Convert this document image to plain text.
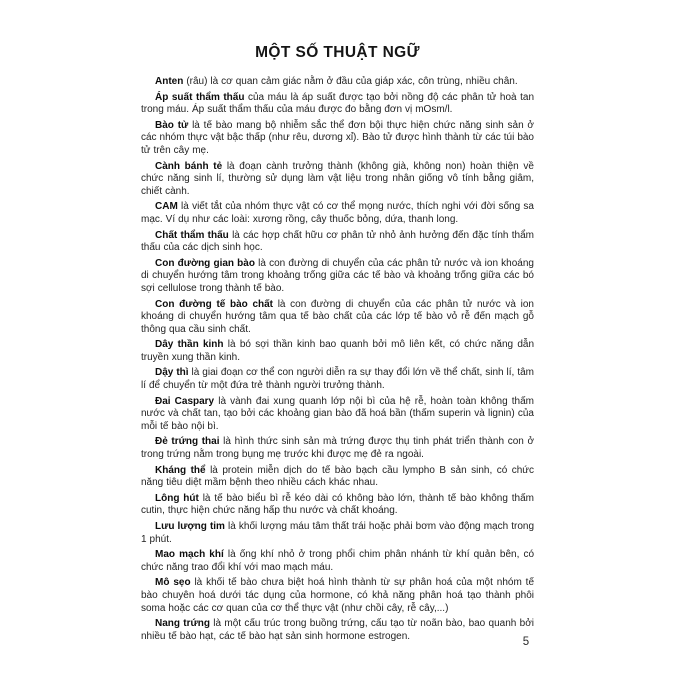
MỘT SỐ THUẬT NGỮ

Anten (râu) là cơ quan cảm giác nằm ở đầu của giáp xác, côn trùng, nhiều chân.

Áp suất thẩm thấu của máu là áp suất được tạo bởi nồng độ các phân tử hoà tan trong máu. Áp suất thẩm thấu của máu được đo bằng đơn vị mOsm/l.

Bào tử là tế bào mang bộ nhiễm sắc thể đơn bội thực hiện chức năng sinh sản ở các nhóm thực vật bậc thấp (như rêu, dương xỉ). Bào tử được hình thành từ các túi bào tử trên cây mẹ.

Cành bánh tẻ là đoạn cành trưởng thành (không già, không non) hoàn thiện về chức năng sinh lí, thường sử dụng làm vật liệu trong nhân giống vô tính bằng giâm, chiết cành.

CAM là viết tắt của nhóm thực vật có cơ thể mọng nước, thích nghi với đời sống sa mạc. Ví dụ như các loài: xương rồng, cây thuốc bỏng, dứa, thanh long.

Chất thẩm thấu là các hợp chất hữu cơ phân tử nhỏ ảnh hưởng đến đặc tính thẩm thấu của các dịch sinh học.

Con đường gian bào là con đường di chuyển của các phân tử nước và ion khoáng di chuyển hướng tâm trong khoảng trống giữa các tế bào và khoảng trống giữa các bó sợi cellulose trong thành tế bào.

Con đường tế bào chất là con đường di chuyển của các phân tử nước và ion khoáng di chuyển hướng tâm qua tế bào chất của các lớp tế bào vỏ rễ đến mạch gỗ thông qua cầu sinh chất.

Dây thần kinh là bó sợi thần kinh bao quanh bởi mô liên kết, có chức năng dẫn truyền xung thần kinh.

Dậy thì là giai đoạn cơ thể con người diễn ra sự thay đổi lớn về thể chất, sinh lí, tâm lí để chuyển từ một đứa trẻ thành người trưởng thành.

Đai Caspary là vành đai xung quanh lớp nội bì của hệ rễ, hoàn toàn không thấm nước và chất tan, tạo bởi các khoảng gian bào đã hoá bần (thấm superin và lignin) của mỗi tế bào nội bì.

Đẻ trứng thai là hình thức sinh sản mà trứng được thụ tinh phát triển thành con ở trong trứng nằm trong bụng mẹ trước khi được mẹ đẻ ra ngoài.

Kháng thể là protein miễn dịch do tế bào bạch cầu lympho B sản sinh, có chức năng tiêu diệt mầm bệnh theo nhiều cách khác nhau.

Lông hút là tế bào biểu bì rễ kéo dài có không bào lớn, thành tế bào không thấm cutin, thực hiện chức năng hấp thu nước và chất khoáng.

Lưu lượng tim là khối lượng máu tâm thất trái hoặc phải bơm vào động mạch trong 1 phút.

Mao mạch khí là ống khí nhỏ ở trong phổi chim phân nhánh từ khí quản bên, có chức năng trao đổi khí với mao mạch máu.

Mô sẹo là khối tế bào chưa biệt hoá hình thành từ sự phân hoá của một nhóm tế bào chuyên hoá dưới tác dụng của hormone, có khả năng phân hoá tạo thành phôi soma hoặc các cơ quan của cơ thể thực vật (như chồi cây, rễ cây,...)

Nang trứng là một cấu trúc trong buồng trứng, cấu tạo từ noãn bào, bao quanh bởi nhiều tế bào hạt, các tế bào hạt sản sinh hormone estrogen.	5
